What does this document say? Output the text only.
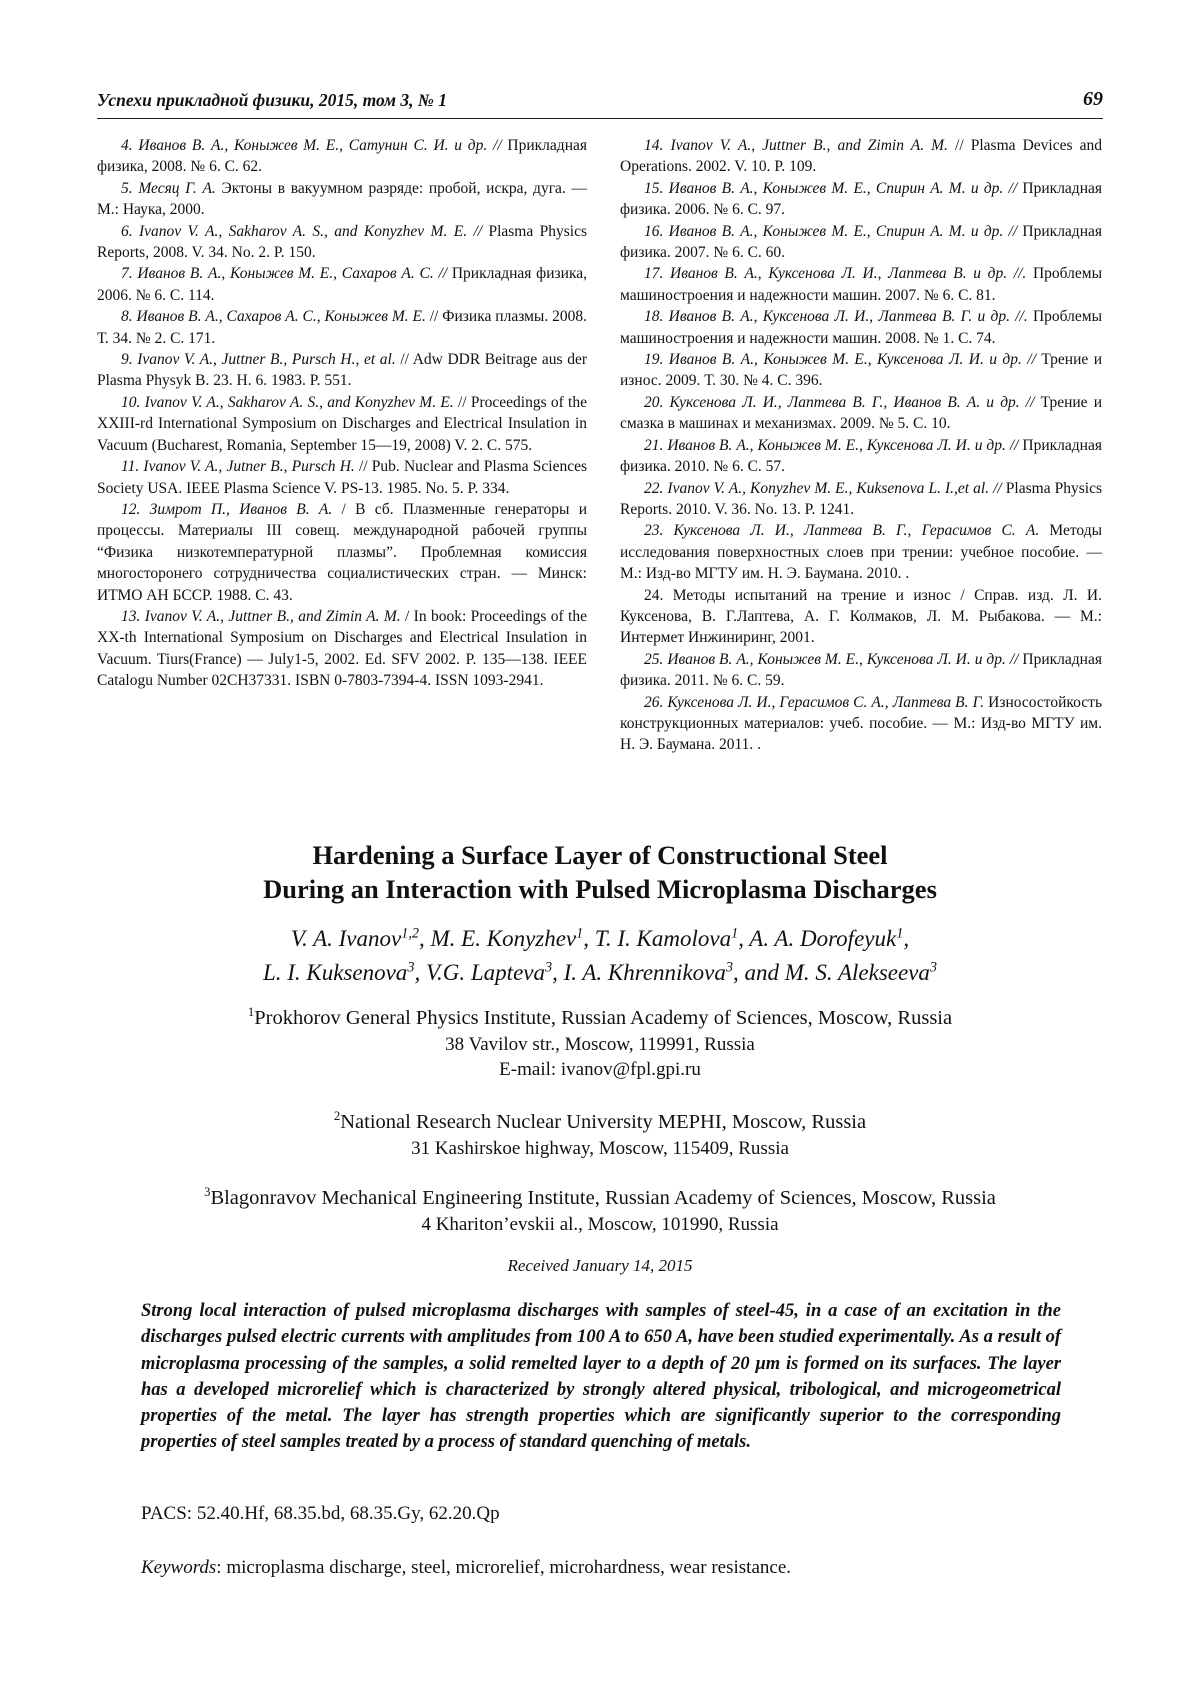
Успехи прикладной физики, 2015, том 3, № 1	69

4. Иванов В. А., Коныжев М. Е., Сатунин С. И. и др. // Прикладная физика, 2008. № 6. С. 62.

5. Месяц Г. А. Эктоны в вакуумном разряде: пробой, искра, дуга. — М.: Наука, 2000.

6. Ivanov V. A., Sakharov A. S., and Konyzhev M. E. // Plasma Physics Reports, 2008. V. 34. No. 2. P. 150.

7. Иванов В. А., Коныжев М. Е., Сахаров А. С. // Прикладная физика, 2006. № 6. С. 114.

8. Иванов В. А., Сахаров А. С., Коныжев М. Е. // Физика плазмы. 2008. Т. 34. № 2. С. 171.

9. Ivanov V. A., Juttner B., Pursch H., et al. // Adw DDR Beitrage aus der Plasma Physyk B. 23. H. 6. 1983. P. 551.

10. Ivanov V. A., Sakharov A. S., and Konyzhev M. E. // Proceedings of the XXIII-rd International Symposium on Discharges and Electrical Insulation in Vacuum (Bucharest, Romania, September 15—19, 2008) V. 2. C. 575.

11. Ivanov V. A., Jutner B., Pursch H. // Pub. Nuclear and Plasma Sciences Society USA. IEEE Plasma Science V. PS-13. 1985. No. 5. P. 334.

12. Зимрот П., Иванов В. А. / В сб. Плазменные генераторы и процессы. Материалы III совещ. международной рабочей группы “Физика низкотемпературной плазмы”. Проблемная комиссия многосторонего сотрудничества социалистических стран. — Минск: ИТМО АН БССР. 1988. С. 43.

13. Ivanov V. A., Juttner B., and Zimin A. M. / In book: Proceedings of the XX-th International Symposium on Discharges and Electrical Insulation in Vacuum. Tiurs(France) — July1-5, 2002. Ed. SFV 2002. P. 135—138. IEEE Catalogu Number 02CH37331. ISBN 0-7803-7394-4. ISSN 1093-2941.

14. Ivanov V. A., Juttner B., and Zimin A. M. // Plasma Devices and Operations. 2002. V. 10. P. 109.

15. Иванов В. А., Коныжев М. Е., Спирин А. М. и др. // Прикладная физика. 2006. № 6. С. 97.

16. Иванов В. А., Коныжев М. Е., Спирин А. М. и др. // Прикладная физика. 2007. № 6. С. 60.

17. Иванов В. А., Куксенова Л. И., Лаптева В. и др. //. Проблемы машиностроения и надежности машин. 2007. № 6. С. 81.

18. Иванов В. А., Куксенова Л. И., Лаптева В. Г. и др. //. Проблемы машиностроения и надежности машин. 2008. № 1. С. 74.

19. Иванов В. А., Коныжев М. Е., Куксенова Л. И. и др. // Трение и износ. 2009. Т. 30. № 4. С. 396.

20. Куксенова Л. И., Лаптева В. Г., Иванов В. А. и др. // Трение и смазка в машинах и механизмах. 2009. № 5. С. 10.

21. Иванов В. А., Коныжев М. Е., Куксенова Л. И. и др. // Прикладная физика. 2010. № 6. С. 57.

22. Ivanov V. A., Konyzhev M. E., Kuksenova L. I.,et al. // Plasma Physics Reports. 2010. V. 36. No. 13. P. 1241.

23. Куксенова Л. И., Лаптева В. Г., Герасимов С. А. Методы исследования поверхностных слоев при трении: учебное пособие. — М.: Изд-во МГТУ им. Н. Э. Баумана. 2010. .

24. Методы испытаний на трение и износ / Справ. изд. Л. И. Куксенова, В. Г.Лаптева, А. Г. Колмаков, Л. М. Рыбакова. — М.: Интермет Инжиниринг, 2001.

25. Иванов В. А., Коныжев М. Е., Куксенова Л. И. и др. // Прикладная физика. 2011. № 6. С. 59.

26. Куксенова Л. И., Герасимов С. А., Лаптева В. Г. Износостойкость конструкционных материалов: учеб. пособие. — М.: Изд-во МГТУ им. Н. Э. Баумана. 2011. .

Hardening a Surface Layer of Constructional Steel
During an Interaction with Pulsed Microplasma Discharges
V. A. Ivanov$^{1,2}$, M. E. Konyzhev$^1$, T. I. Kamolova$^1$, A. A. Dorofeyuk$^1$,
L. I. Kuksenova$^3$, V.G. Lapteva$^3$, I. A. Khrennikova$^3$, and M. S. Alekseeva$^3$
$^1$Prokhorov General Physics Institute, Russian Academy of Sciences, Moscow, Russia
38 Vavilov str., Moscow, 119991, Russia
E-mail: ivanov@fpl.gpi.ru
$^2$National Research Nuclear University MEPHI, Moscow, Russia
31 Kashirskoe highway, Moscow, 115409, Russia
$^3$Blagonravov Mechanical Engineering Institute, Russian Academy of Sciences, Moscow, Russia
4 Khariton’evskii al., Moscow, 101990, Russia
Received January 14, 2015
Strong local interaction of pulsed microplasma discharges with samples of steel-45, in a case of an excitation in the discharges pulsed electric currents with amplitudes from 100 A to 650 A, have been studied experimentally. As a result of microplasma processing of the samples, a solid remelted layer to a depth of 20 μm is formed on its surfaces. The layer has a developed microrelief which is characterized by strongly altered physical, tribological, and microgeometrical properties of the metal. The layer has strength properties which are significantly superior to the corresponding properties of steel samples treated by a process of standard quenching of metals.
PACS: 52.40.Hf, 68.35.bd, 68.35.Gy, 62.20.Qp
Keywords: microplasma discharge, steel, microrelief, microhardness, wear resistance.
